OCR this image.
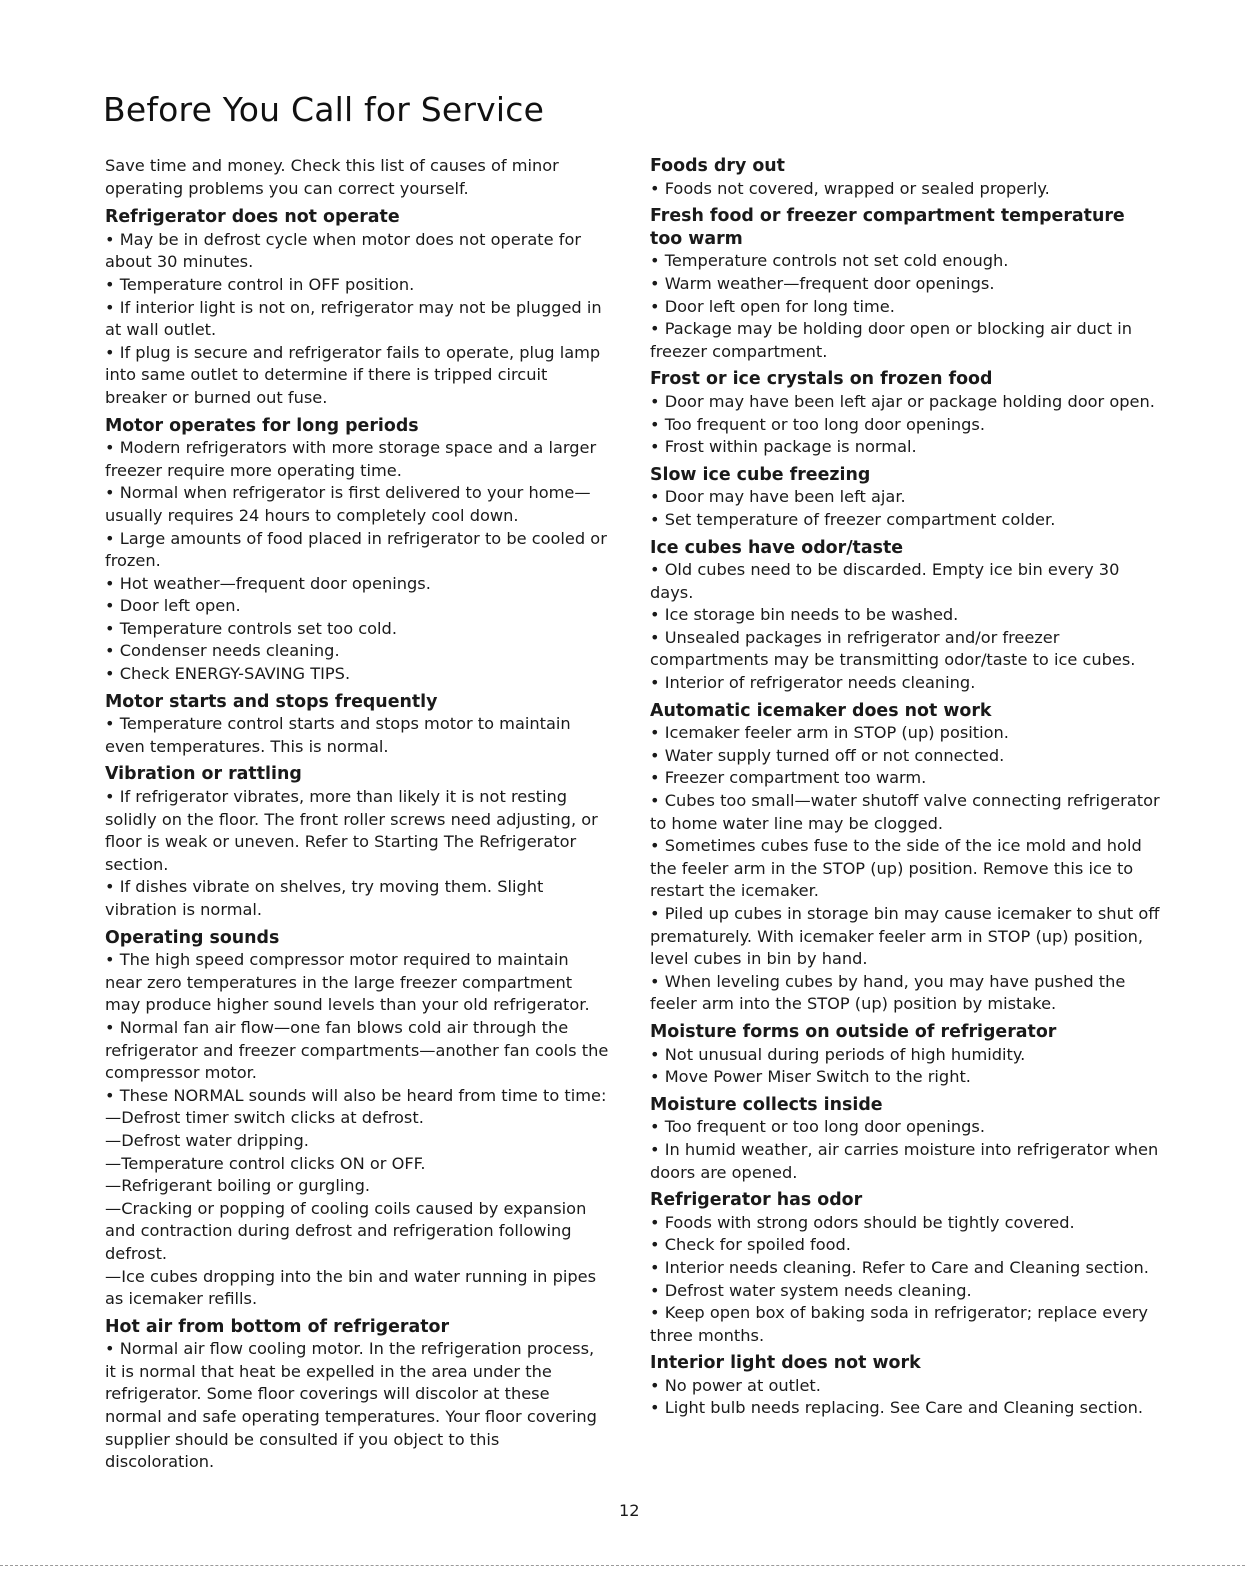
Before You Call for Service

Save time and money. Check this list of causes of minor operating problems you can correct yourself.

Refrigerator does not operate

• May be in defrost cycle when motor does not operate for about 30 minutes.

• Temperature control in OFF position.

• If interior light is not on, refrigerator may not be plugged in at wall outlet.

• If plug is secure and refrigerator fails to operate, plug lamp into same outlet to determine if there is tripped circuit breaker or burned out fuse.

Motor operates for long periods

• Modern refrigerators with more storage space and a larger freezer require more operating time.

• Normal when refrigerator is first delivered to your home—usually requires 24 hours to completely cool down.

• Large amounts of food placed in refrigerator to be cooled or frozen.

• Hot weather—frequent door openings.

• Door left open.

• Temperature controls set too cold.

• Condenser needs cleaning.

• Check ENERGY-SAVING TIPS.

Motor starts and stops frequently

• Temperature control starts and stops motor to maintain even temperatures. This is normal.

Vibration or rattling

• If refrigerator vibrates, more than likely it is not resting solidly on the floor. The front roller screws need adjusting, or floor is weak or uneven. Refer to Starting The Refrigerator section.

• If dishes vibrate on shelves, try moving them. Slight vibration is normal.

Operating sounds

• The high speed compressor motor required to maintain near zero temperatures in the large freezer compartment may produce higher sound levels than your old refrigerator.

• Normal fan air flow—one fan blows cold air through the refrigerator and freezer compartments—another fan cools the compressor motor.

• These NORMAL sounds will also be heard from time to time:

—Defrost timer switch clicks at defrost.

—Defrost water dripping.

—Temperature control clicks ON or OFF.

—Refrigerant boiling or gurgling.

—Cracking or popping of cooling coils caused by expansion and contraction during defrost and refrigeration following defrost.

—Ice cubes dropping into the bin and water running in pipes as icemaker refills.

Hot air from bottom of refrigerator

• Normal air flow cooling motor. In the refrigeration process, it is normal that heat be expelled in the area under the refrigerator. Some floor coverings will discolor at these normal and safe operating temperatures. Your floor covering supplier should be consulted if you object to this discoloration.

Foods dry out

• Foods not covered, wrapped or sealed properly.

Fresh food or freezer compartment temperature too warm

• Temperature controls not set cold enough.

• Warm weather—frequent door openings.

• Door left open for long time.

• Package may be holding door open or blocking air duct in freezer compartment.

Frost or ice crystals on frozen food

• Door may have been left ajar or package holding door open.

• Too frequent or too long door openings.

• Frost within package is normal.

Slow ice cube freezing

• Door may have been left ajar.

• Set temperature of freezer compartment colder.

Ice cubes have odor/taste

• Old cubes need to be discarded. Empty ice bin every 30 days.

• Ice storage bin needs to be washed.

• Unsealed packages in refrigerator and/or freezer compartments may be transmitting odor/taste to ice cubes.

• Interior of refrigerator needs cleaning.

Automatic icemaker does not work

• Icemaker feeler arm in STOP (up) position.

• Water supply turned off or not connected.

• Freezer compartment too warm.

• Cubes too small—water shutoff valve connecting refrigerator to home water line may be clogged.

• Sometimes cubes fuse to the side of the ice mold and hold the feeler arm in the STOP (up) position. Remove this ice to restart the icemaker.

• Piled up cubes in storage bin may cause icemaker to shut off prematurely. With icemaker feeler arm in STOP (up) position, level cubes in bin by hand.

• When leveling cubes by hand, you may have pushed the feeler arm into the STOP (up) position by mistake.

Moisture forms on outside of refrigerator

• Not unusual during periods of high humidity.

• Move Power Miser Switch to the right.

Moisture collects inside

• Too frequent or too long door openings.

• In humid weather, air carries moisture into refrigerator when doors are opened.

Refrigerator has odor

• Foods with strong odors should be tightly covered.

• Check for spoiled food.

• Interior needs cleaning. Refer to Care and Cleaning section.

• Defrost water system needs cleaning.

• Keep open box of baking soda in refrigerator; replace every three months.

Interior light does not work

• No power at outlet.

• Light bulb needs replacing. See Care and Cleaning section.

12
